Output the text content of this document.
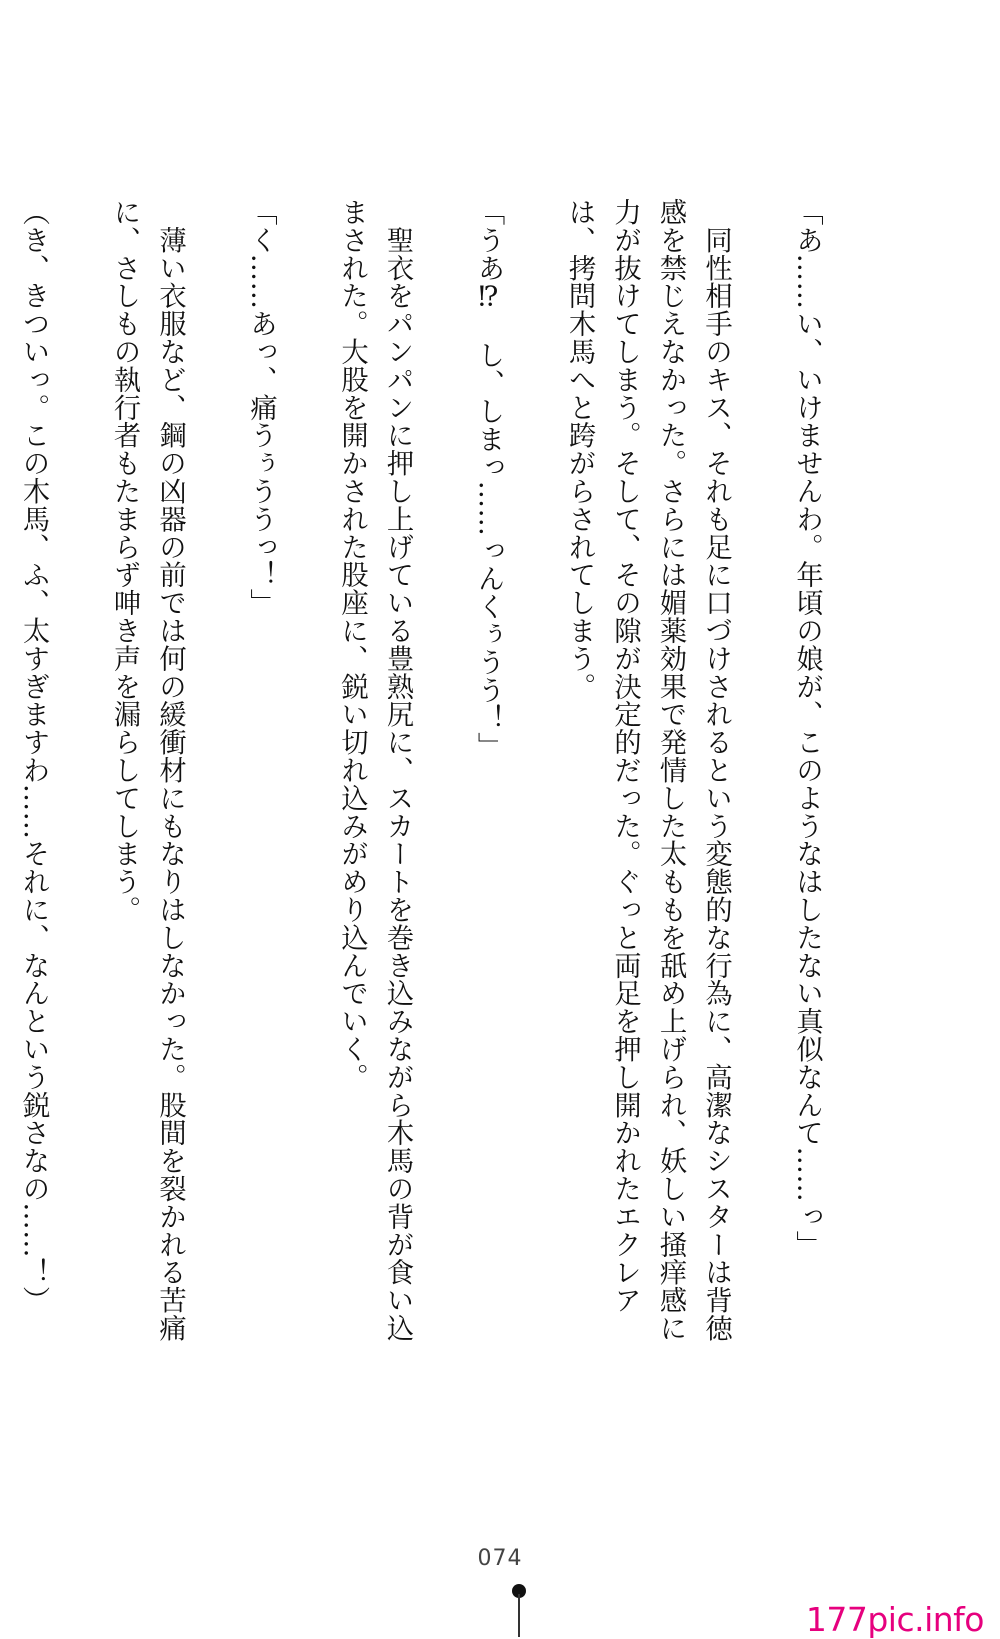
「あ……い、いけませんわ。年頃の娘が、このようなはしたない真似なんて……っ」

　同性相手のキス、それも足に口づけされるという変態的な行為に、高潔なシスターは背徳感を禁じえなかった。さらには媚薬効果で発情した太ももを舐め上げられ、妖しい掻痒感に力が抜けてしまう。そして、その隙が決定的だった。ぐっと両足を押し開かれたエクレアは、拷問木馬へと跨がらされてしまう。

「うあ⁉　し、しまっ……っんくぅうう！」

　聖衣をパンパンに押し上げている豊熟尻に、スカートを巻き込みながら木馬の背が食い込まされた。大股を開かされた股座に、鋭い切れ込みがめり込んでいく。

「く……あっ、痛うぅううっ！」

　薄い衣服など、鋼の凶器の前では何の緩衝材にもなりはしなかった。股間を裂かれる苦痛に、さしもの執行者もたまらず呻き声を漏らしてしまう。

（き、きついっ。この木馬、ふ、太すぎますわ……それに、なんという鋭さなの……！）

074
177pic.info
